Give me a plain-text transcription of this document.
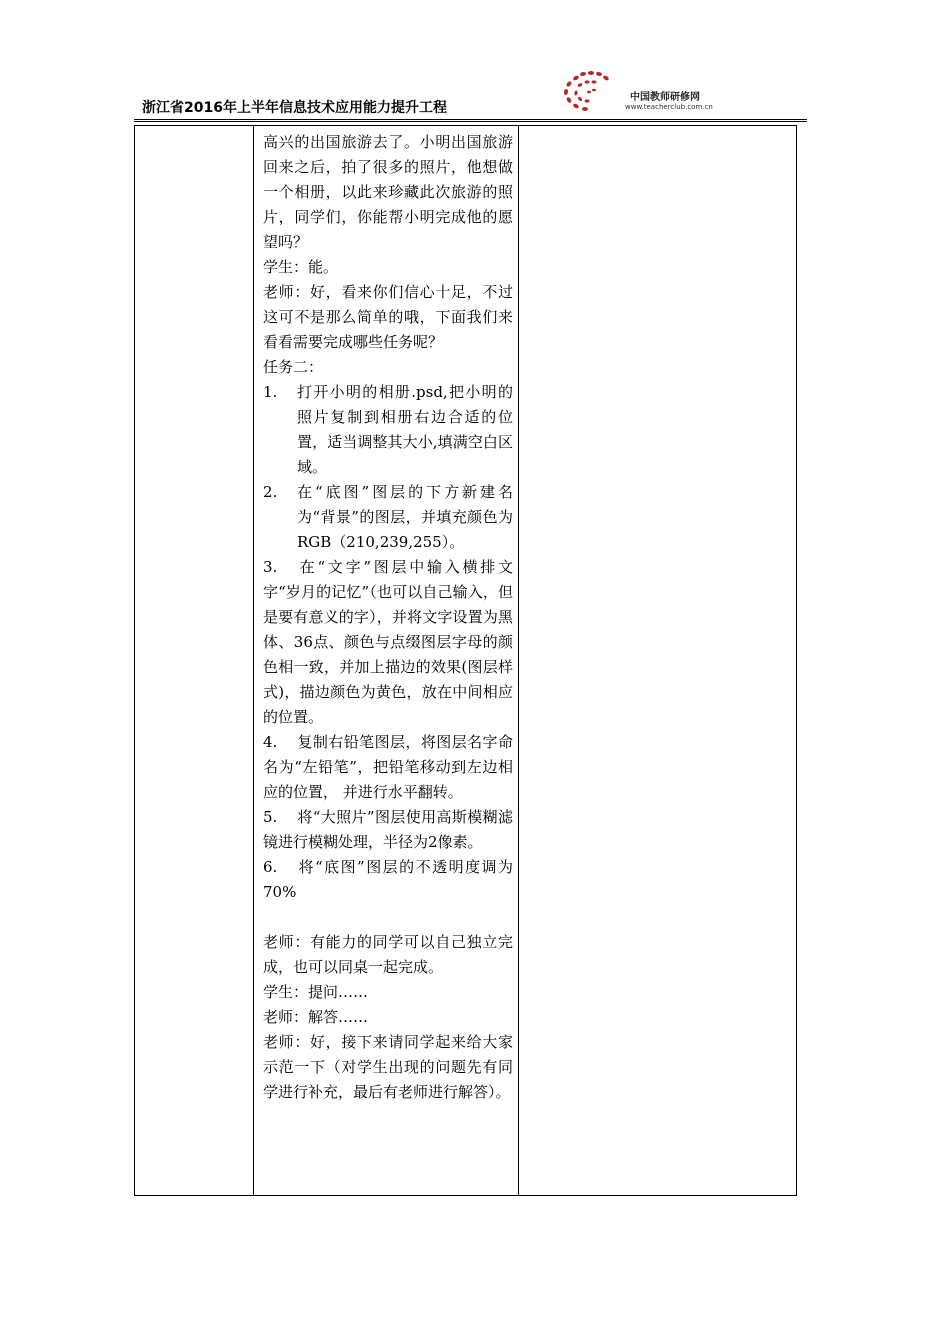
浙江省2016年上半年信息技术应用能力提升工程
中国教师研修网
www.teacherclub.com.cn

高兴的出国旅游去了。小明出国旅游回来之后，拍了很多的照片，他想做一个相册，以此来珍藏此次旅游的照片，同学们，你能帮小明完成他的愿望吗？

学生：能。

老师：好，看来你们信心十足，不过这可不是那么简单的哦，下面我们来看看需要完成哪些任务呢？

任务二：

1.	打开小明的相册.psd,把小明的照片复制到相册右边合适的位置，适当调整其大小,填满空白区域。
2.	在“底图”图层的下方新建名为“背景”的图层，并填充颜色为RGB（210,239,255）。

3. 在“文字”图层中输入横排文字“岁月的记忆”（也可以自己输入，但是要有意义的字），并将文字设置为黑体、36点、颜色与点缀图层字母的颜色相一致，并加上描边的效果(图层样式)，描边颜色为黄色，放在中间相应的位置。

4. 复制右铅笔图层，将图层名字命名为“左铅笔”，把铅笔移动到左边相应的位置， 并进行水平翻转。

5. 将“大照片”图层使用高斯模糊滤镜进行模糊处理，半径为2像素。

6. 将“底图”图层的不透明度调为70%

老师：有能力的同学可以自己独立完成，也可以同桌一起完成。

学生：提问……

老师：解答……

老师：好，接下来请同学起来给大家示范一下（对学生出现的问题先有同学进行补充，最后有老师进行解答）。
